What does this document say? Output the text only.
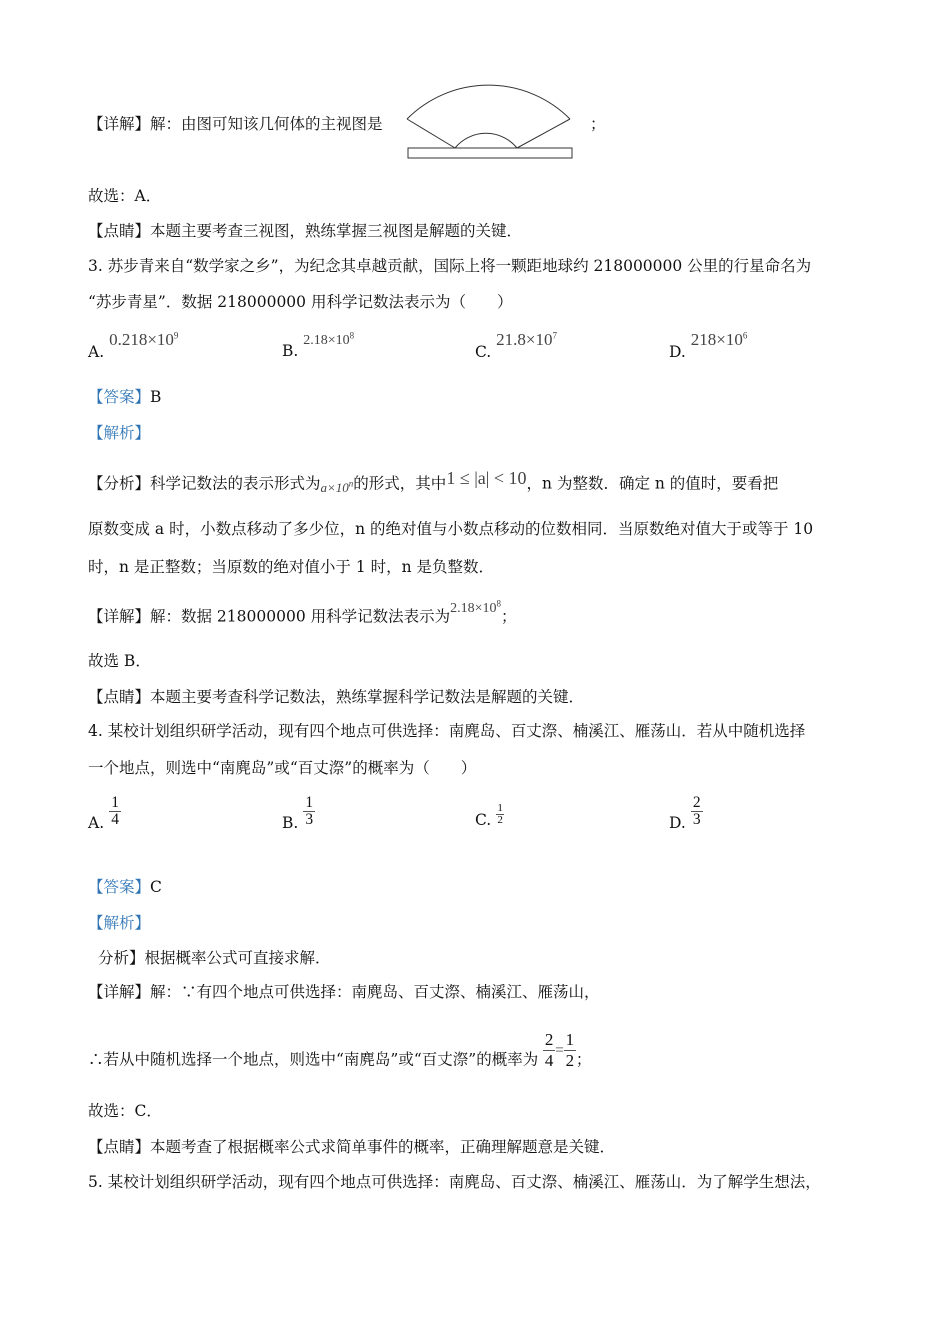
【详解】解：由图可知该几何体的主视图是	；
故选：A．
【点睛】本题主要考查三视图，熟练掌握三视图是解题的关键．
3. 苏步青来自“数学家之乡”，为纪念其卓越贡献，国际上将一颗距地球约 218000000 公里的行星命名为
“苏步青星”．数据 218000000 用科学记数法表示为（　　）
A. $0.218\times 10^9$
B. $2.18\times 10^8$
C. $21.8\times 10^7$
D. $218\times 10^6$
【答案】B
【解析】
【分析】科学记数法的表示形式为$_{a\times 10^n}$的形式，其中1 ≤ |a| < 10，n 为整数．确定 n 的值时，要看把
原数变成 a 时，小数点移动了多少位，n 的绝对值与小数点移动的位数相同．当原数绝对值大于或等于 10
时，n 是正整数；当原数的绝对值小于 1 时，n 是负整数．
【详解】解：数据 218000000 用科学记数法表示为$2.18\times 10^8$；
故选 B．
【点睛】本题主要考查科学记数法，熟练掌握科学记数法是解题的关键．
4. 某校计划组织研学活动，现有四个地点可供选择：南麂岛、百丈漈、楠溪江、雁荡山．若从中随机选择
一个地点，则选中“南麂岛”或“百丈漈”的概率为（　　）
A. $\frac{1}{4}$	B. $\frac{1}{3}$	C. $\frac{1}{2}$	D. $\frac{2}{3}$
【答案】C
【解析】
分析】根据概率公式可直接求解．
【详解】解：∵有四个地点可供选择：南麂岛、百丈漈、楠溪江、雁荡山，
∴若从中随机选择一个地点，则选中“南麂岛”或“百丈漈”的概率为 $\frac{2}{4} = \frac{1}{2}$ ；
故选：C．
【点睛】本题考查了根据概率公式求简单事件的概率，正确理解题意是关键．
5. 某校计划组织研学活动，现有四个地点可供选择：南麂岛、百丈漈、楠溪江、雁荡山．为了解学生想法，
